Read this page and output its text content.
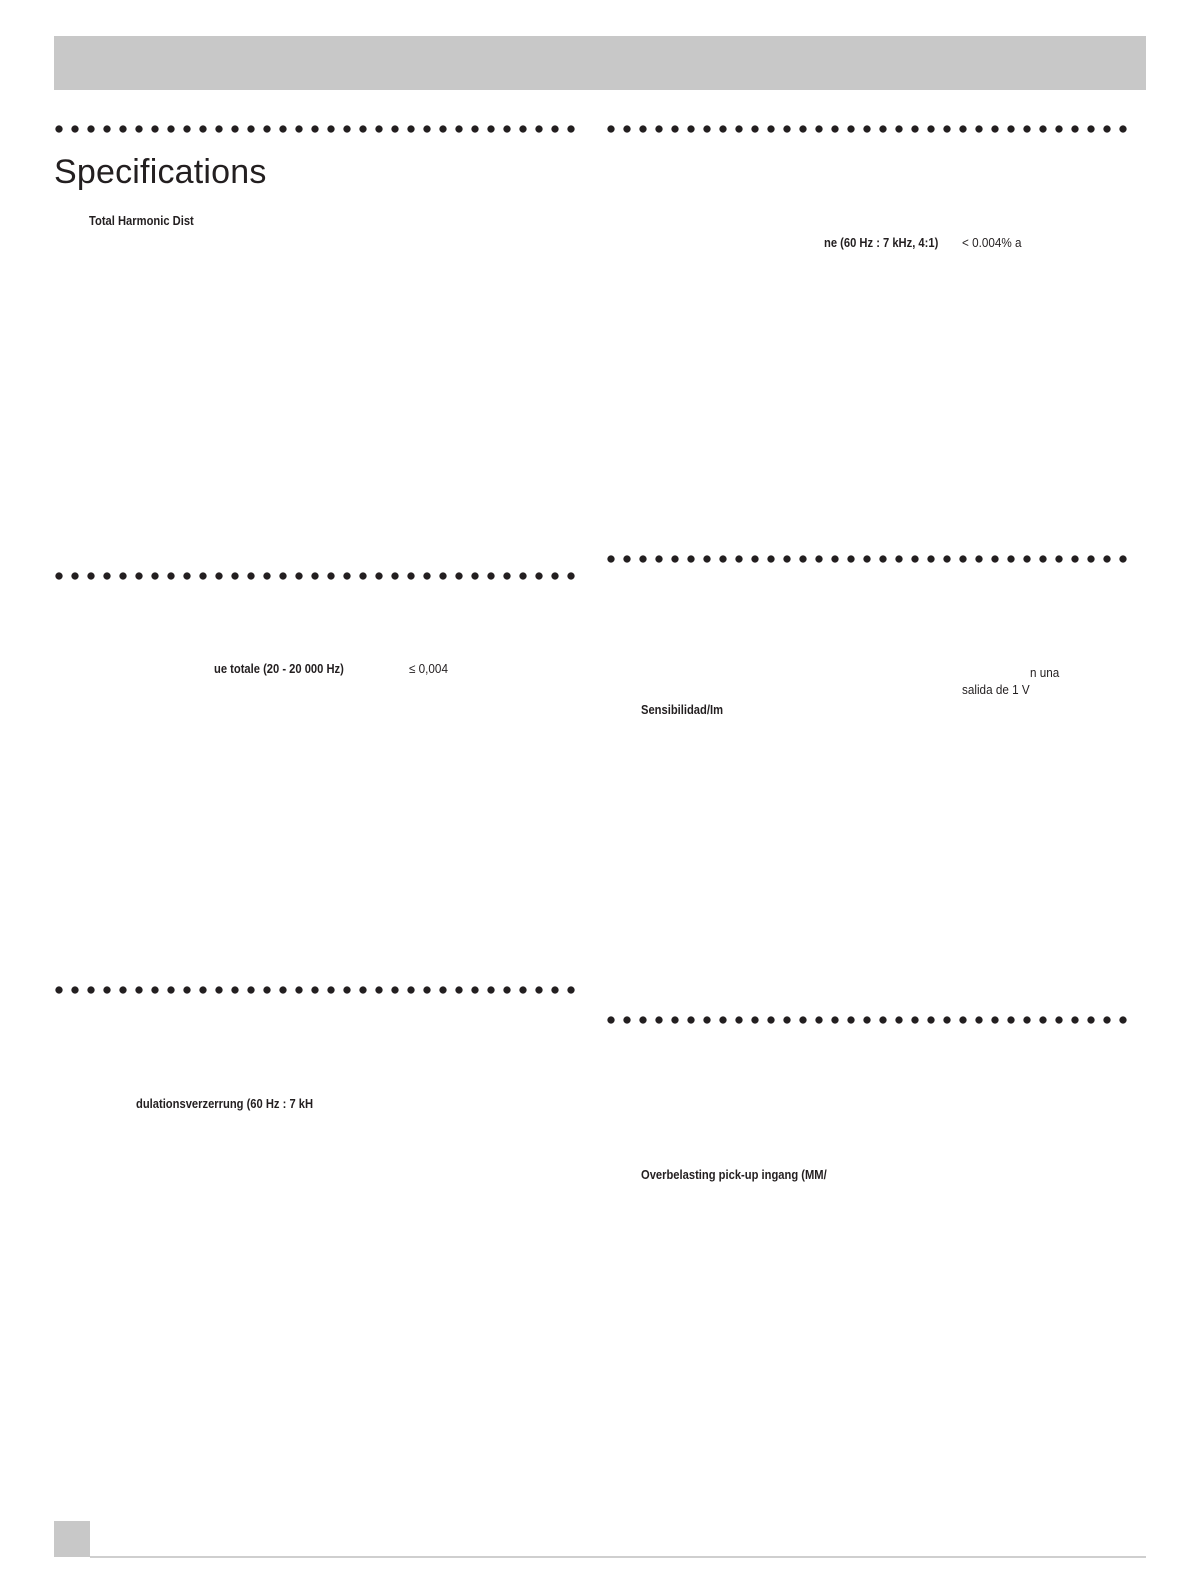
Specifications
Total Harmonic Dist
ne (60 Hz : 7 kHz, 4:1) < 0.004% a
ue totale (20 - 20 000 Hz)	≤ 0,004	n una
salida de 1 V
Sensibilidad/Im
dulationsverzerrung (60 Hz : 7 kH
Overbelasting pick-up ingang (MM/
